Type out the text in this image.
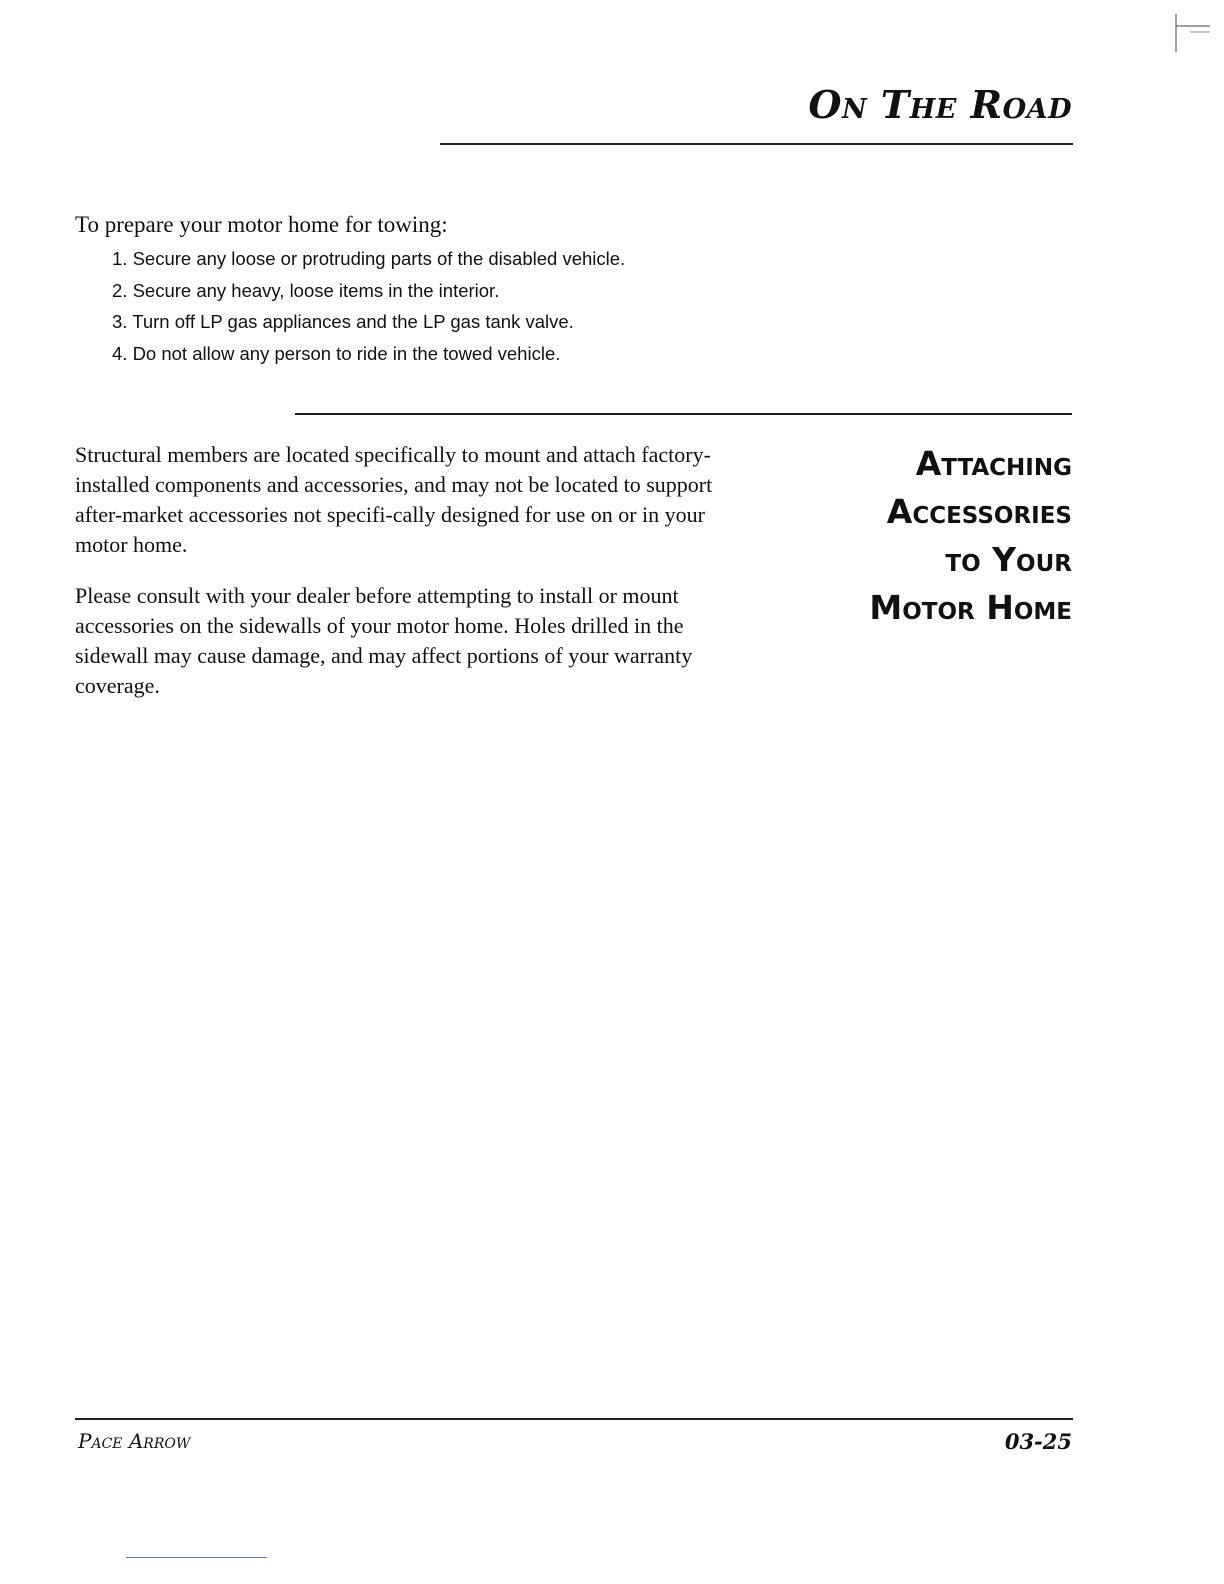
On The Road

To prepare your motor home for towing:

1. Secure any loose or protruding parts of the disabled vehicle.
2. Secure any heavy, loose items in the interior.
3. Turn off LP gas appliances and the LP gas tank valve.
4. Do not allow any person to ride in the towed vehicle.

Structural members are located specifically to mount and attach factory-installed components and accessories, and may not be located to support after-market accessories not specifi-cally designed for use on or in your motor home.

Please consult with your dealer before attempting to install or mount accessories on the sidewalls of your motor home. Holes drilled in the sidewall may cause damage, and may affect portions of your warranty coverage.

Attaching
Accessories
to Your
Motor Home

Pace Arrow	03-25
